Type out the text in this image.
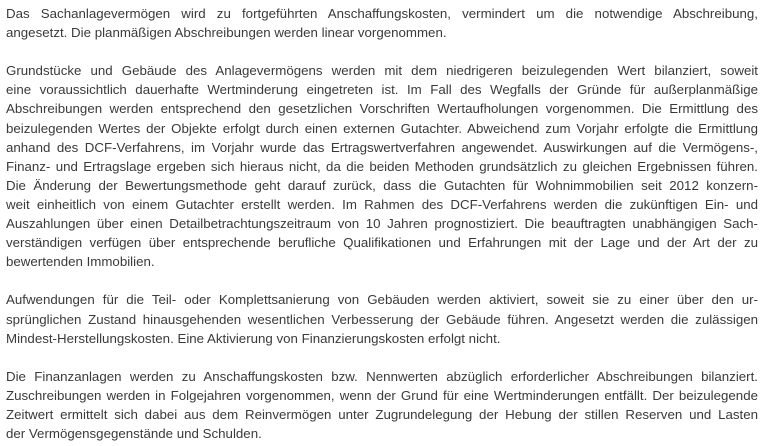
Das Sachanlagevermögen wird zu fortgeführten Anschaffungskosten, vermindert um die notwendige Abschreibung,
angesetzt. Die planmäßigen Abschreibungen werden linear vorgenommen.
Grundstücke und Gebäude des Anlagevermögens werden mit dem niedrigeren beizulegenden Wert bilanziert, soweit
eine voraussichtlich dauerhafte Wertminderung eingetreten ist. Im Fall des Wegfalls der Gründe für außerplanmäßige
Abschreibungen werden entsprechend den gesetzlichen Vorschriften Wertaufholungen vorgenommen. Die Ermittlung des
beizulegenden Wertes der Objekte erfolgt durch einen externen Gutachter. Abweichend zum Vorjahr erfolgte die Ermittlung
anhand des DCF-Verfahrens, im Vorjahr wurde das Ertragswertverfahren angewendet. Auswirkungen auf die Vermögens-,
Finanz- und Ertragslage ergeben sich hieraus nicht, da die beiden Methoden grundsätzlich zu gleichen Ergebnissen führen.
Die Änderung der Bewertungsmethode geht darauf zurück, dass die Gutachten für Wohnimmobilien seit 2012 konzern-
weit einheitlich von einem Gutachter erstellt werden. Im Rahmen des DCF-Verfahrens werden die zukünftigen Ein- und
Auszahlungen über einen Detailbetrachtungszeitraum von 10 Jahren prognostiziert. Die beauftragten unabhängigen Sach-
verständigen verfügen über entsprechende berufliche Qualifikationen und Erfahrungen mit der Lage und der Art der zu
bewertenden Immobilien.
Aufwendungen für die Teil- oder Komplettsanierung von Gebäuden werden aktiviert, soweit sie zu einer über den ur-
sprünglichen Zustand hinausgehenden wesentlichen Verbesserung der Gebäude führen. Angesetzt werden die zulässigen
Mindest-Herstellungskosten. Eine Aktivierung von Finanzierungskosten erfolgt nicht.
Die Finanzanlagen werden zu Anschaffungskosten bzw. Nennwerten abzüglich erforderlicher Abschreibungen bilanziert.
Zuschreibungen werden in Folgejahren vorgenommen, wenn der Grund für eine Wertminderungen entfällt. Der beizulegende
Zeitwert ermittelt sich dabei aus dem Reinvermögen unter Zugrundelegung der Hebung der stillen Reserven und Lasten
der Vermögensgegenstände und Schulden.
